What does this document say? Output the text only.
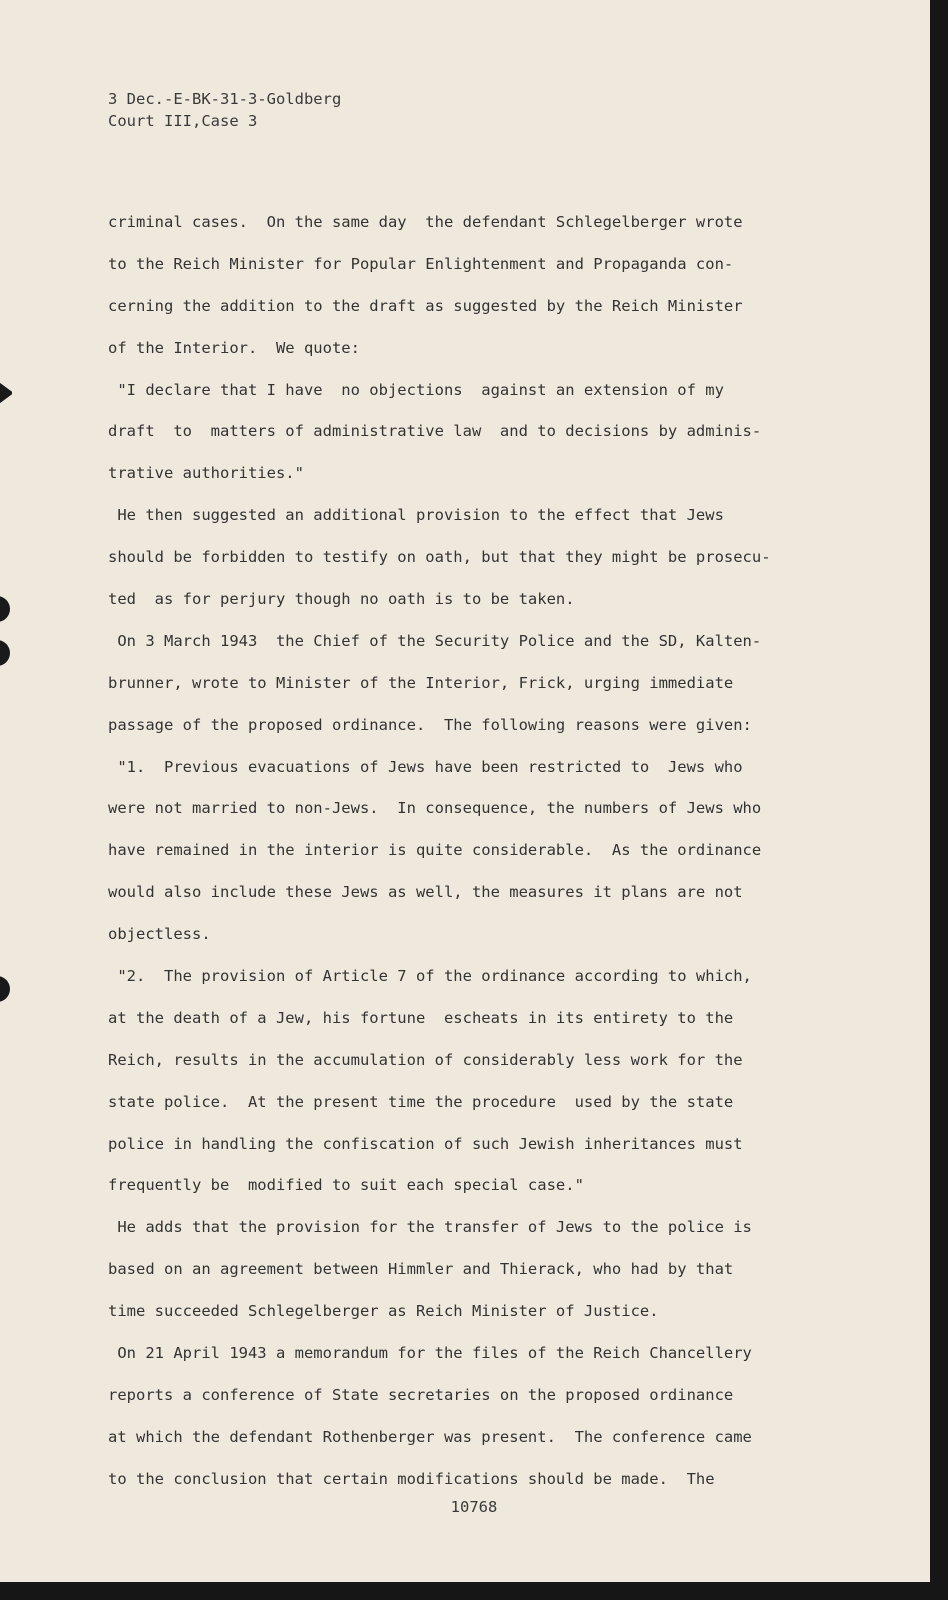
3 Dec.-E-BK-31-3-Goldberg
Court III,Case 3
criminal cases.  On the same day  the defendant Schlegelberger wrote
to the Reich Minister for Popular Enlightenment and Propaganda con-
cerning the addition to the draft as suggested by the Reich Minister
of the Interior.  We quote:
"I declare that I have  no objections  against an extension of my
draft  to  matters of administrative law  and to decisions by adminis-
trative authorities."
He then suggested an additional provision to the effect that Jews
should be forbidden to testify on oath, but that they might be prosecu-
ted  as for perjury though no oath is to be taken.
On 3 March 1943  the Chief of the Security Police and the SD, Kalten-
brunner, wrote to Minister of the Interior, Frick, urging immediate
passage of the proposed ordinance.  The following reasons were given:
"1.  Previous evacuations of Jews have been restricted to  Jews who
were not married to non-Jews.  In consequence, the numbers of Jews who
have remained in the interior is quite considerable.  As the ordinance
would also include these Jews as well, the measures it plans are not
objectless.
"2.  The provision of Article 7 of the ordinance according to which,
at the death of a Jew, his fortune  escheats in its entirety to the
Reich, results in the accumulation of considerably less work for the
state police.  At the present time the procedure  used by the state
police in handling the confiscation of such Jewish inheritances must
frequently be  modified to suit each special case."
He adds that the provision for the transfer of Jews to the police is
based on an agreement between Himmler and Thierack, who had by that
time succeeded Schlegelberger as Reich Minister of Justice.
On 21 April 1943 a memorandum for the files of the Reich Chancellery
reports a conference of State secretaries on the proposed ordinance
at which the defendant Rothenberger was present.  The conference came
to the conclusion that certain modifications should be made.  The
10768
